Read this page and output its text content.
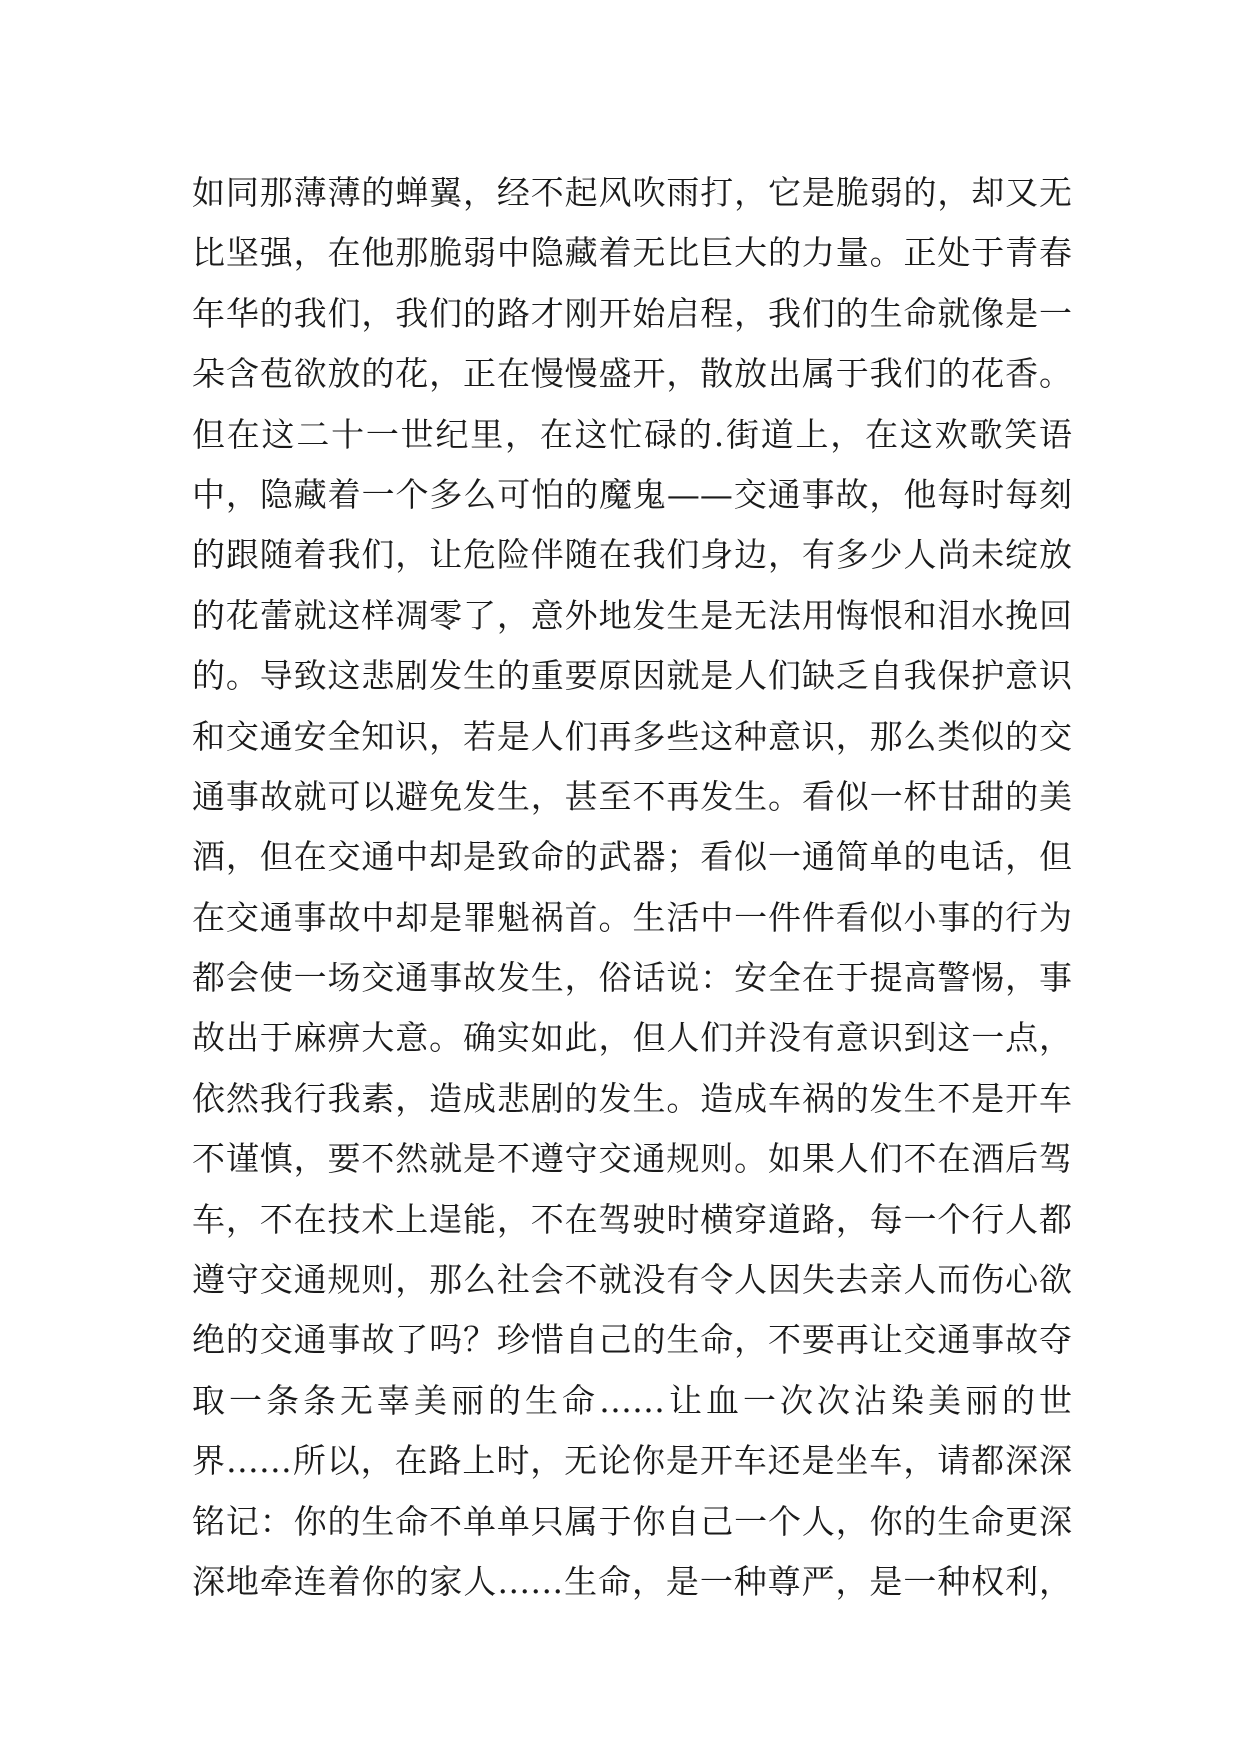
如同那薄薄的蝉翼，经不起风吹雨打，它是脆弱的，却又无
比坚强，在他那脆弱中隐藏着无比巨大的力量。正处于青春
年华的我们，我们的路才刚开始启程，我们的生命就像是一
朵含苞欲放的花，正在慢慢盛开，散放出属于我们的花香。
但在这二十一世纪里，在这忙碌的.街道上，在这欢歌笑语
中，隐藏着一个多么可怕的魔鬼——交通事故，他每时每刻
的跟随着我们，让危险伴随在我们身边，有多少人尚未绽放
的花蕾就这样凋零了，意外地发生是无法用悔恨和泪水挽回
的。导致这悲剧发生的重要原因就是人们缺乏自我保护意识
和交通安全知识，若是人们再多些这种意识，那么类似的交
通事故就可以避免发生，甚至不再发生。看似一杯甘甜的美
酒，但在交通中却是致命的武器；看似一通简单的电话，但
在交通事故中却是罪魁祸首。生活中一件件看似小事的行为
都会使一场交通事故发生，俗话说：安全在于提高警惕，事
故出于麻痹大意。确实如此，但人们并没有意识到这一点，
依然我行我素，造成悲剧的发生。造成车祸的发生不是开车
不谨慎，要不然就是不遵守交通规则。如果人们不在酒后驾
车，不在技术上逞能，不在驾驶时横穿道路，每一个行人都
遵守交通规则，那么社会不就没有令人因失去亲人而伤心欲
绝的交通事故了吗？珍惜自己的生命，不要再让交通事故夺
取一条条无辜美丽的生命……让血一次次沾染美丽的世
界……所以，在路上时，无论你是开车还是坐车，请都深深
铭记：你的生命不单单只属于你自己一个人，你的生命更深
深地牵连着你的家人……生命，是一种尊严，是一种权利，
